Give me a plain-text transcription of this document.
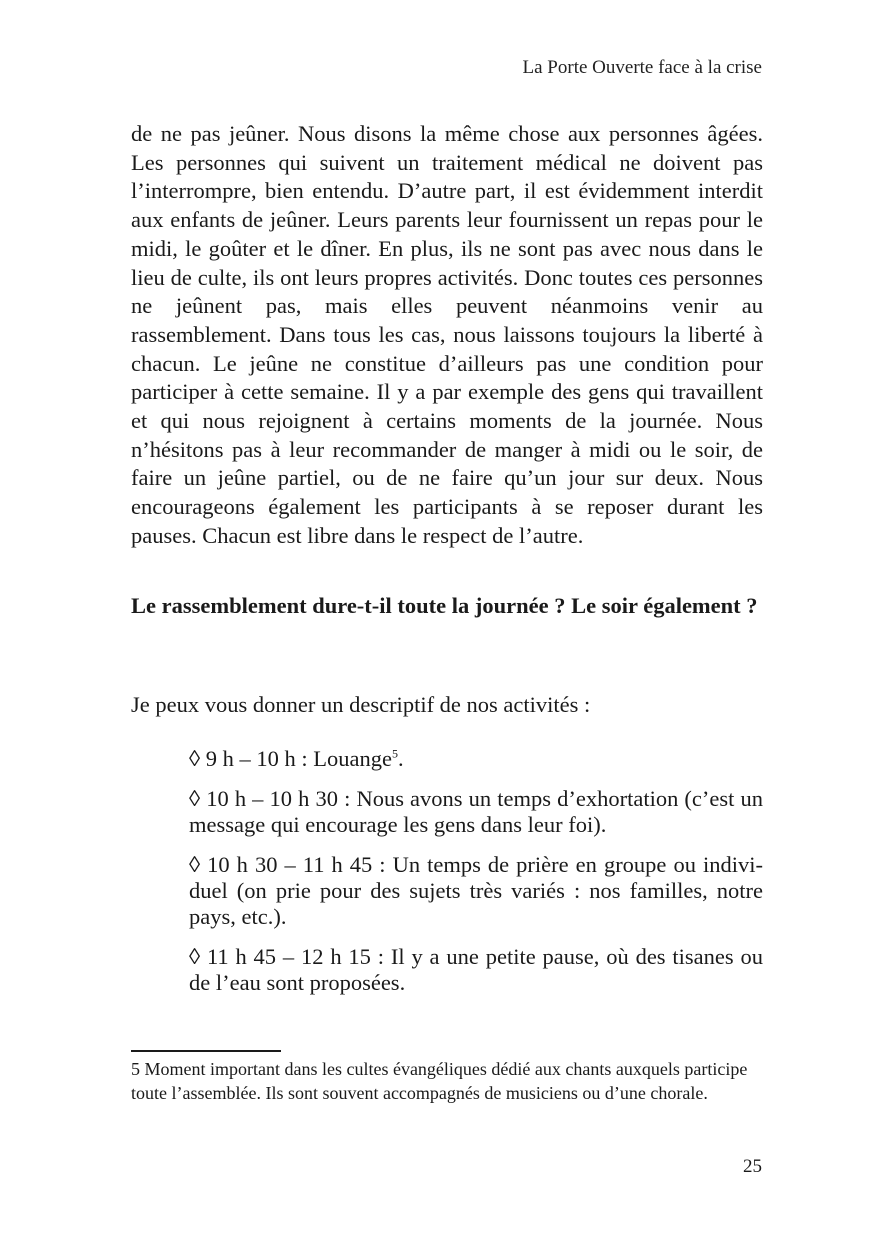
La Porte Ouverte face à la crise

de ne pas jeûner. Nous disons la même chose aux personnes âgées. Les personnes qui suivent un traitement médical ne doivent pas l’interrompre, bien entendu. D’autre part, il est évidemment interdit aux enfants de jeûner. Leurs parents leur fournissent un repas pour le midi, le goûter et le dîner. En plus, ils ne sont pas avec nous dans le lieu de culte, ils ont leurs propres activités. Donc toutes ces personnes ne jeûnent pas, mais elles peuvent néanmoins venir au rassemblement. Dans tous les cas, nous laissons toujours la liberté à chacun. Le jeûne ne constitue d’ailleurs pas une condition pour participer à cette semaine. Il y a par exemple des gens qui travaillent et qui nous rejoignent à certains moments de la journée. Nous n’hésitons pas à leur recommander de manger à midi ou le soir, de faire un jeûne partiel, ou de ne faire qu’un jour sur deux. Nous encourageons également les participants à se reposer durant les pauses. Chacun est libre dans le respect de l’autre.

Le rassemblement dure-t-il toute la journée ? Le soir également ?

Je peux vous donner un descriptif de nos activités :

◊ 9 h – 10 h : Louange$^5$.
◊ 10 h – 10 h 30 : Nous avons un temps d’exhortation (c’est un message qui encourage les gens dans leur foi).
◊ 10 h 30 – 11 h 45 : Un temps de prière en groupe ou individuel (on prie pour des sujets très variés : nos familles, notre pays, etc.).
◊ 11 h 45 – 12 h 15 : Il y a une petite pause, où des tisanes ou de l’eau sont proposées.

5 Moment important dans les cultes évangéliques dédié aux chants auxquels participe toute l’assemblée. Ils sont souvent accompagnés de musiciens ou d’une chorale.

25
